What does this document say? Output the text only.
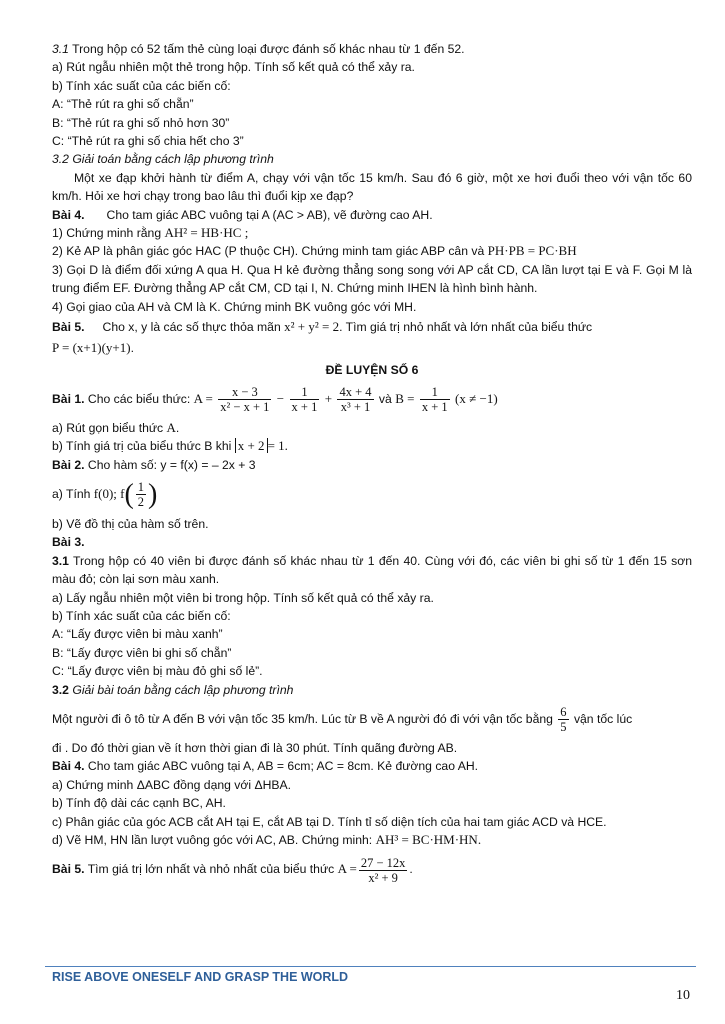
3.1 Trong hộp có 52 tấm thẻ cùng loại được đánh số khác nhau từ 1 đến 52.
a) Rút ngẫu nhiên một thẻ trong hộp. Tính số kết quả có thể xảy ra.
b) Tính xác suất của các biến cố:
A: “Thẻ rút ra ghi số chẵn”
B: “Thẻ rút ra ghi số nhỏ hơn 30”
C: “Thẻ rút ra ghi số chia hết cho 3”
3.2 Giải toán bằng cách lập phương trình
Một xe đạp khởi hành từ điểm A, chạy với vận tốc 15 km/h. Sau đó 6 giờ, một xe hơi đuổi theo với vận tốc 60 km/h. Hỏi xe hơi chạy trong bao lâu thì đuổi kịp xe đạp?
Bài 4. Cho tam giác ABC vuông tại A (AC > AB), vẽ đường cao AH.
1) Chứng minh rằng AH² = HB·HC ;
2) Kẻ AP là phân giác góc HAC (P thuộc CH). Chứng minh tam giác ABP cân và PH·PB = PC·BH
3) Gọi D là điểm đối xứng A qua H. Qua H kẻ đường thẳng song song với AP cắt CD, CA lần lượt tại E và F. Gọi M là trung điểm EF. Đường thẳng AP cắt CM, CD tại I, N. Chứng minh IHEN là hình bình hành.
4) Gọi giao của AH và CM là K. Chứng minh BK vuông góc với MH.
Bài 5. Cho x, y là các số thực thỏa mãn x² + y² = 2. Tìm giá trị nhỏ nhất và lớn nhất của biểu thức
P = (x+1)(y+1).
ĐỀ LUYỆN SỐ 6
Bài 1. Cho các biểu thức: $A = \frac{x - 3}{\text{x² − x + 1}} - \frac{1}{x + 1} + \frac{4x + 4}{\text{x³ + 1}}$ và $B = \frac{1}{x + 1} (x \ne -1)$
a) Rút gọn biểu thức A.
b) Tính giá trị của biểu thức B khi x + 2 = 1.
Bài 2. Cho hàm số: y = f(x) = – 2x + 3
a) Tính f(0); $f( \frac{1}{2}$ )
b) Vẽ đồ thị của hàm số trên.
Bài 3.
3.1 Trong hộp có 40 viên bi được đánh số khác nhau từ 1 đến 40. Cùng với đó, các viên bi ghi số từ 1 đến 15 sơn màu đỏ; còn lại sơn màu xanh.
a) Lấy ngẫu nhiên một viên bi trong hộp. Tính số kết quả có thể xảy ra.
b) Tính xác suất của các biến cố:
A: “Lấy được viên bi màu xanh”
B: “Lấy được viên bi ghi số chẵn”
C: “Lấy được viên bị màu đỏ ghi số lẻ”.
3.2 Giải bài toán bằng cách lập phương trình
Một người đi ô tô từ A đến B với vận tốc 35 km/h. Lúc từ B về A người đó đi với vận tốc bằng $\frac{6}{5}$ vận tốc lúc
đi . Do đó thời gian về ít hơn thời gian đi là 30 phút. Tính quãng đường AB.
Bài 4. Cho tam giác ABC vuông tại A, AB = 6cm; AC = 8cm. Kẻ đường cao AH.
a) Chứng minh ΔABC đồng dạng với ΔHBA.
b) Tính độ dài các cạnh BC, AH.
c) Phân giác của góc ACB cắt AH tại E, cắt AB tại D. Tính tỉ số diện tích của hai tam giác ACD và HCE.
d) Vẽ HM, HN lần lượt vuông góc với AC, AB. Chứng minh: AH³ = BC·HM·HN.
Bài 5. Tìm giá trị lớn nhất và nhỏ nhất của biểu thức $A = \frac{27 - 12x}{\text{x² + 9}}$ .
RISE ABOVE ONESELF AND GRASP THE WORLD
10
